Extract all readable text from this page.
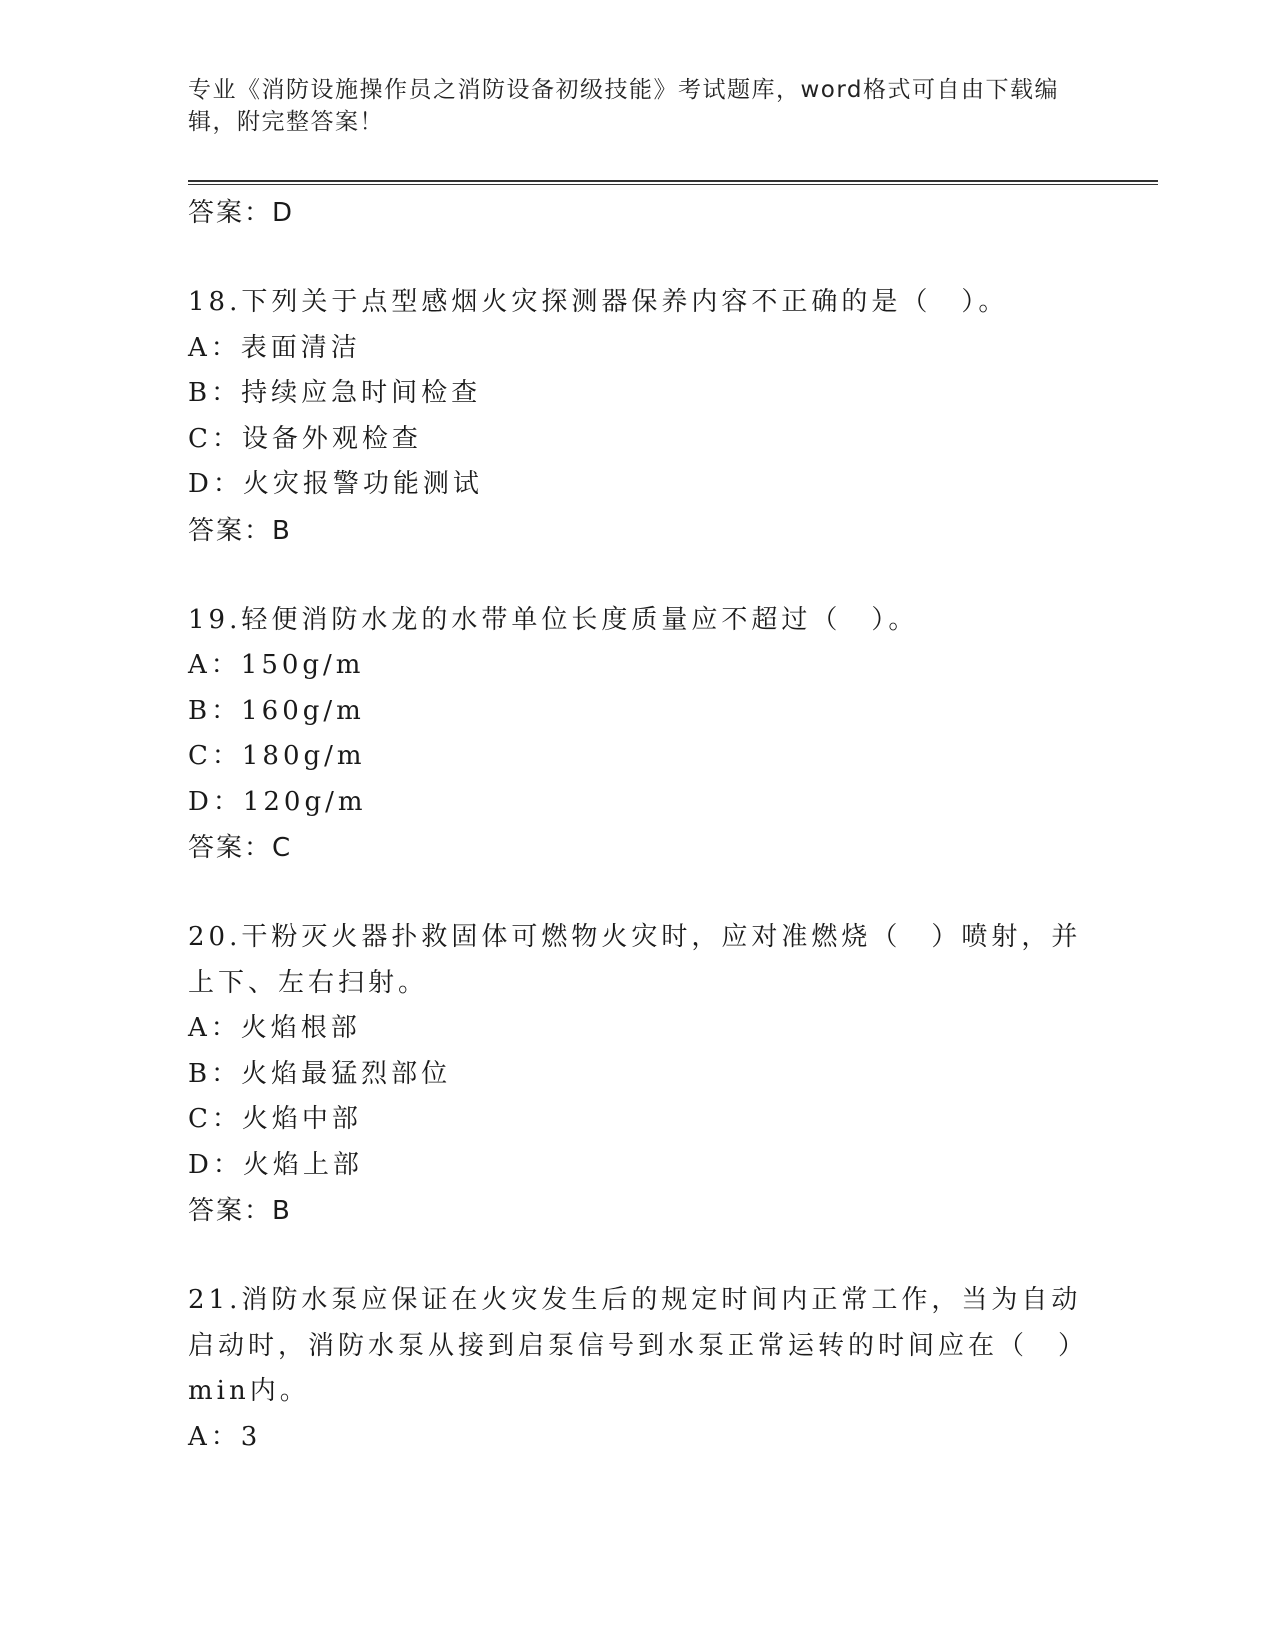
专业《消防设施操作员之消防设备初级技能》考试题库，word格式可自由下载编辑，附完整答案！
答案：D
18.下列关于点型感烟火灾探测器保养内容不正确的是（　）。
A：表面清洁
B：持续应急时间检查
C：设备外观检查
D：火灾报警功能测试
答案：B
19.轻便消防水龙的水带单位长度质量应不超过（　）。
A：150g/m
B：160g/m
C：180g/m
D：120g/m
答案：C
20.干粉灭火器扑救固体可燃物火灾时，应对准燃烧（　）喷射，并上下、左右扫射。
A：火焰根部
B：火焰最猛烈部位
C：火焰中部
D：火焰上部
答案：B
21.消防水泵应保证在火灾发生后的规定时间内正常工作，当为自动启动时，消防水泵从接到启泵信号到水泵正常运转的时间应在（　）min内。
A：3
